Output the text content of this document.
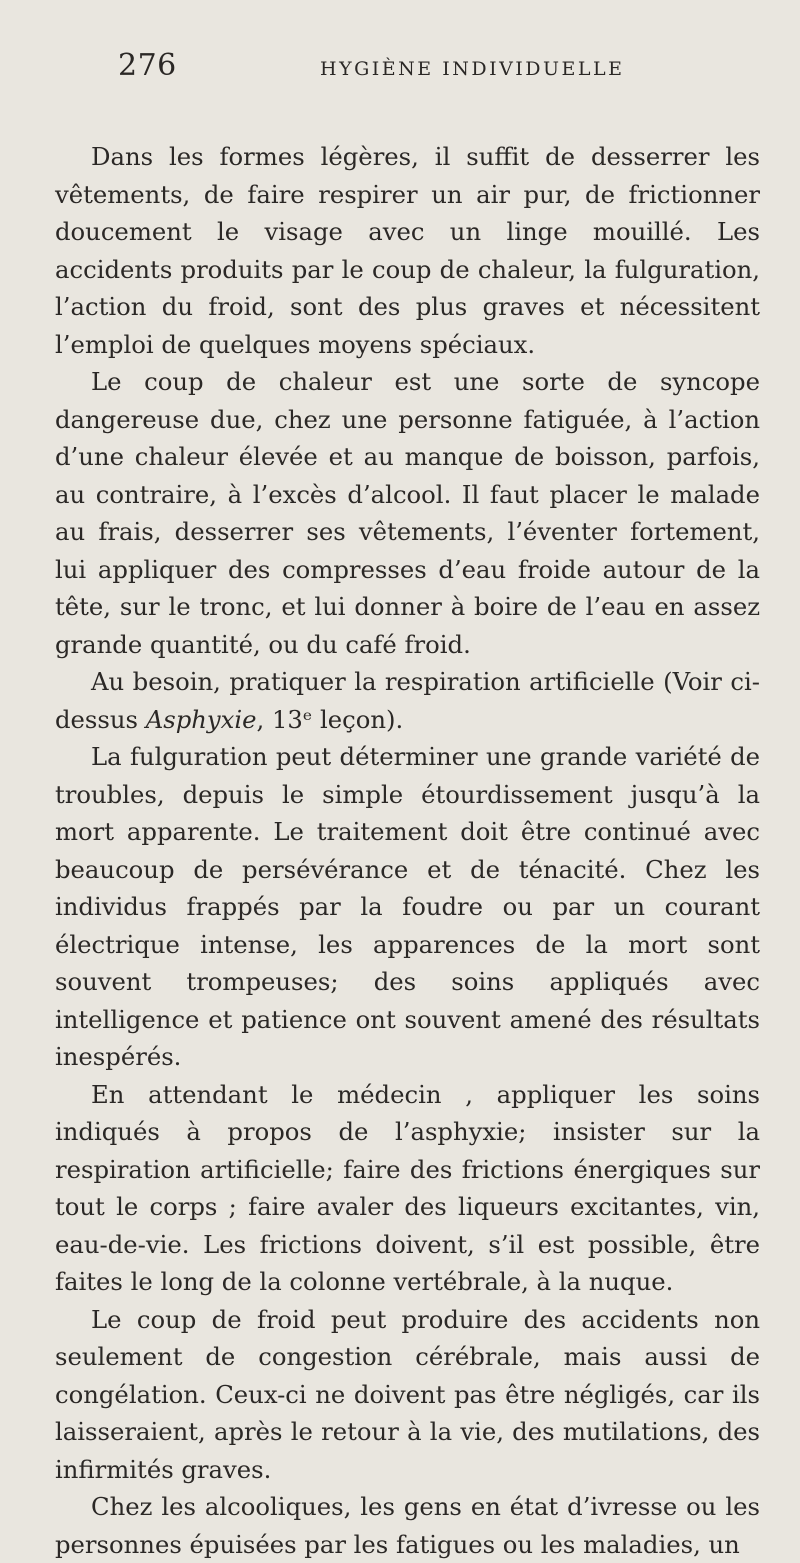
276	HYGIÈNE INDIVIDUELLE

Dans les formes légères, il suffit de desserrer les vêtements, de faire respirer un air pur, de frictionner doucement le visage avec un linge mouillé. Les accidents produits par le coup de chaleur, la fulguration, l’action du froid, sont des plus graves et nécessitent l’emploi de quelques moyens spéciaux.

Le coup de chaleur est une sorte de syncope dangereuse due, chez une personne fatiguée, à l’action d’une chaleur élevée et au manque de boisson, parfois, au contraire, à l’excès d’alcool. Il faut placer le malade au frais, desserrer ses vêtements, l’éventer fortement, lui appliquer des compresses d’eau froide autour de la tête, sur le tronc, et lui donner à boire de l’eau en assez grande quantité, ou du café froid.

Au besoin, pratiquer la respiration artificielle (Voir ci-dessus Asphyxie, 13ᵉ leçon).

La fulguration peut déterminer une grande variété de troubles, depuis le simple étourdissement jusqu’à la mort apparente. Le traitement doit être continué avec beaucoup de persévérance et de ténacité. Chez les individus frappés par la foudre ou par un courant électrique intense, les apparences de la mort sont souvent trompeuses; des soins appliqués avec intelligence et patience ont souvent amené des résultats inespérés.

En attendant le médecin , appliquer les soins indiqués à propos de l’asphyxie; insister sur la respiration artificielle; faire des frictions énergiques sur tout le corps ; faire avaler des liqueurs excitantes, vin, eau-de-vie. Les frictions doivent, s’il est possible, être faites le long de la colonne vertébrale, à la nuque.

Le coup de froid peut produire des accidents non seulement de congestion cérébrale, mais aussi de congélation. Ceux-ci ne doivent pas être négligés, car ils laisseraient, après le retour à la vie, des mutilations, des infirmités graves.

Chez les alcooliques, les gens en état d’ivresse ou les personnes épuisées par les fatigues ou les maladies, un
